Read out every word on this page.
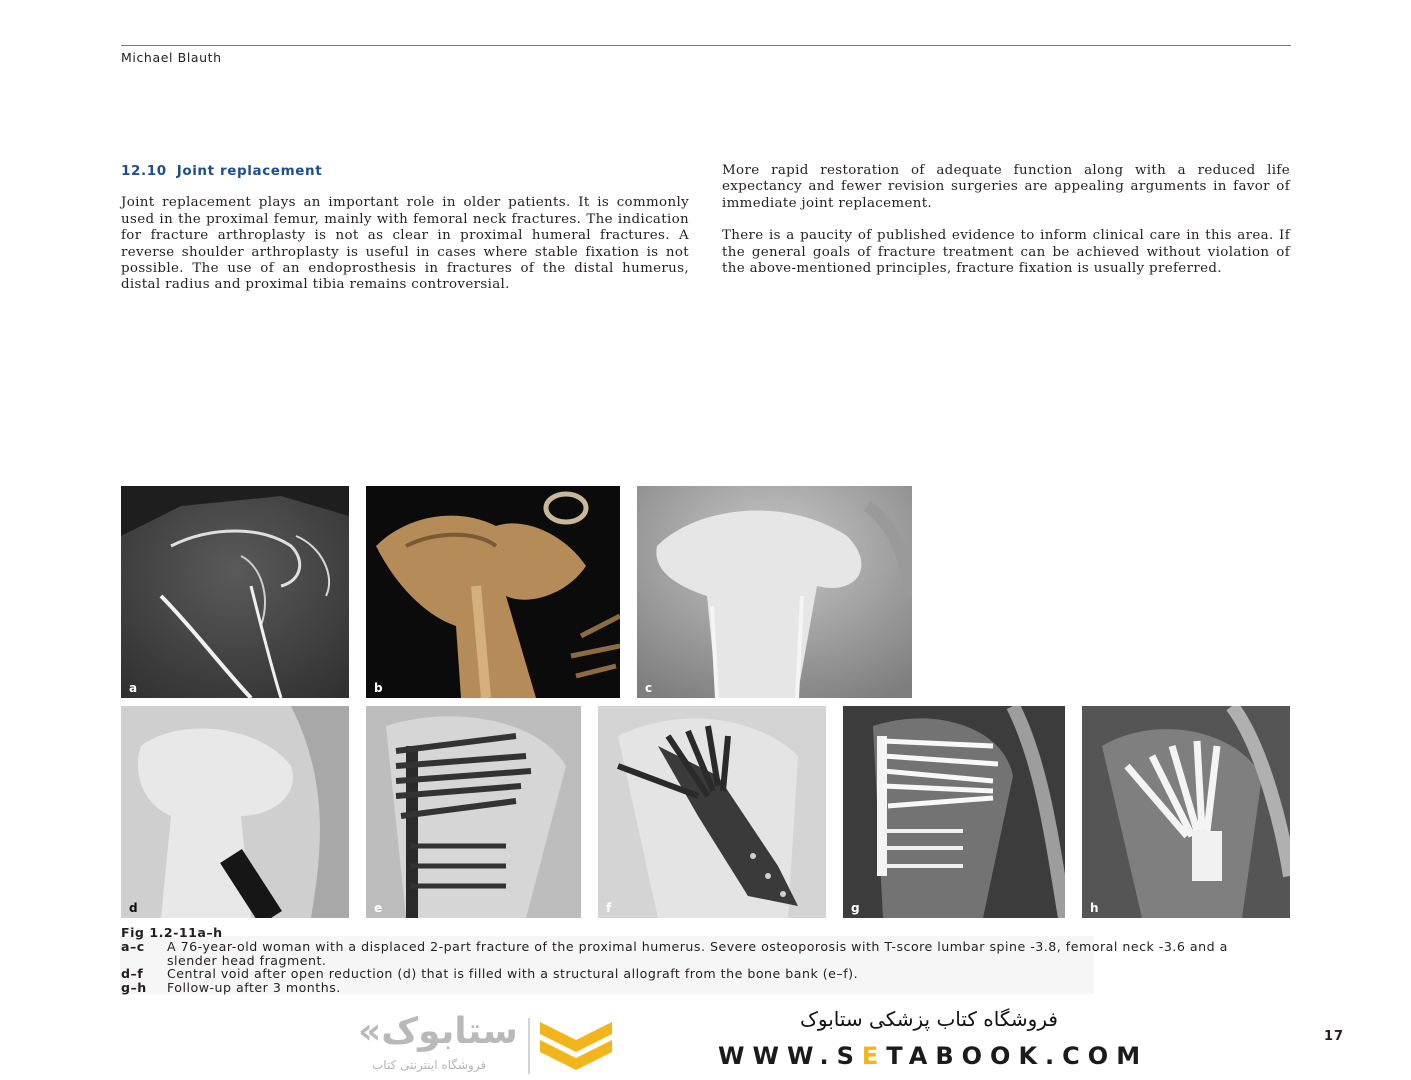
Michael Blauth

12.10 Joint replacement

Joint replacement plays an important role in older patients. It is commonly used in the proximal femur, mainly with femoral neck fractures. The indication for fracture arthroplasty is not as clear in proximal humeral fractures. A reverse shoulder arthroplasty is useful in cases where stable fixation is not possible. The use of an endoprosthesis in fractures of the distal humerus, distal radius and proximal tibia remains controversial.

More rapid restoration of adequate function along with a reduced life expectancy and fewer revision surgeries are appealing arguments in favor of immediate joint replacement.

There is a paucity of published evidence to inform clinical care in this area. If the general goals of fracture treatment can be achieved without violation of the above-mentioned principles, fracture fixation is usually preferred.

a	b	c
d	e	f	g	h
Fig 1.2-11a–h
a–c	A 76-year-old woman with a displaced 2-part fracture of the proximal humerus. Severe osteoporosis with T-score lumbar spine -3.8, femoral neck -3.6 and a slender head fragment.
d–f	Central void after open reduction (d) that is filled with a structural allograft from the bone bank (e–f).
g–h	Follow-up after 3 months.
«ستابوک
فروشگاه اینترنتی کتاب
فروشگاه کتاب پزشکی ستابوک
WWW.SETABOOK.COM
17
